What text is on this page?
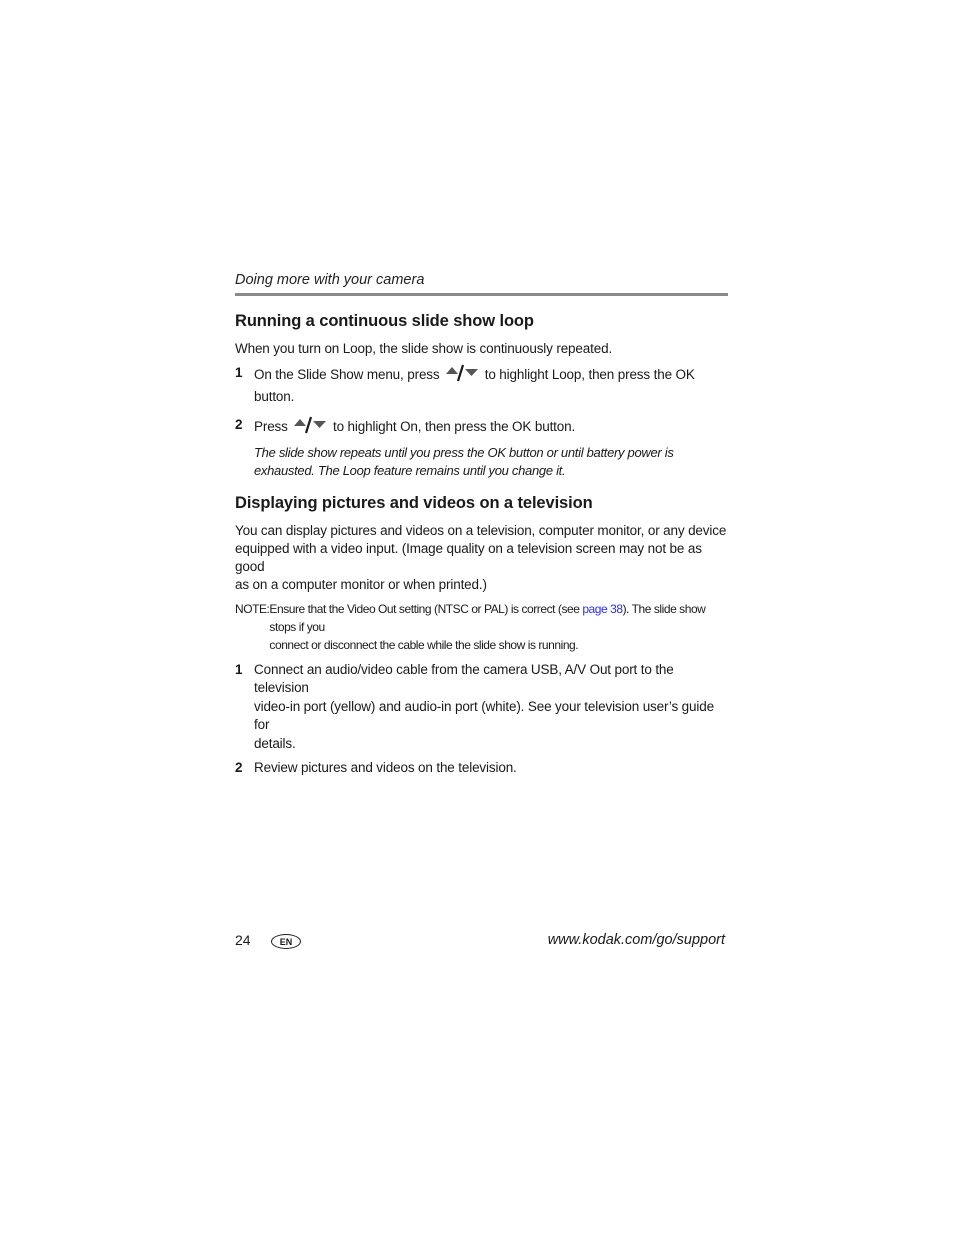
Doing more with your camera
Running a continuous slide show loop

When you turn on Loop, the slide show is continuously repeated.

1 On the Slide Show menu, press	to highlight Loop, then press the OK button.
2 Press	to highlight On, then press the OK button.
The slide show repeats until you press the OK button or until battery power is
exhausted. The Loop feature remains until you change it.
Displaying pictures and videos on a television

You can display pictures and videos on a television, computer monitor, or any device
equipped with a video input. (Image quality on a television screen may not be as good
as on a computer monitor or when printed.)

NOTE: Ensure that the Video Out setting (NTSC or PAL) is correct (see page 38). The slide show stops if you
connect or disconnect the cable while the slide show is running.
1 Connect an audio/video cable from the camera USB, A/V Out port to the television
video-in port (yellow) and audio-in port (white). See your television user’s guide for
details.
2 Review pictures and videos on the television.
24	EN	www.kodak.com/go/support
